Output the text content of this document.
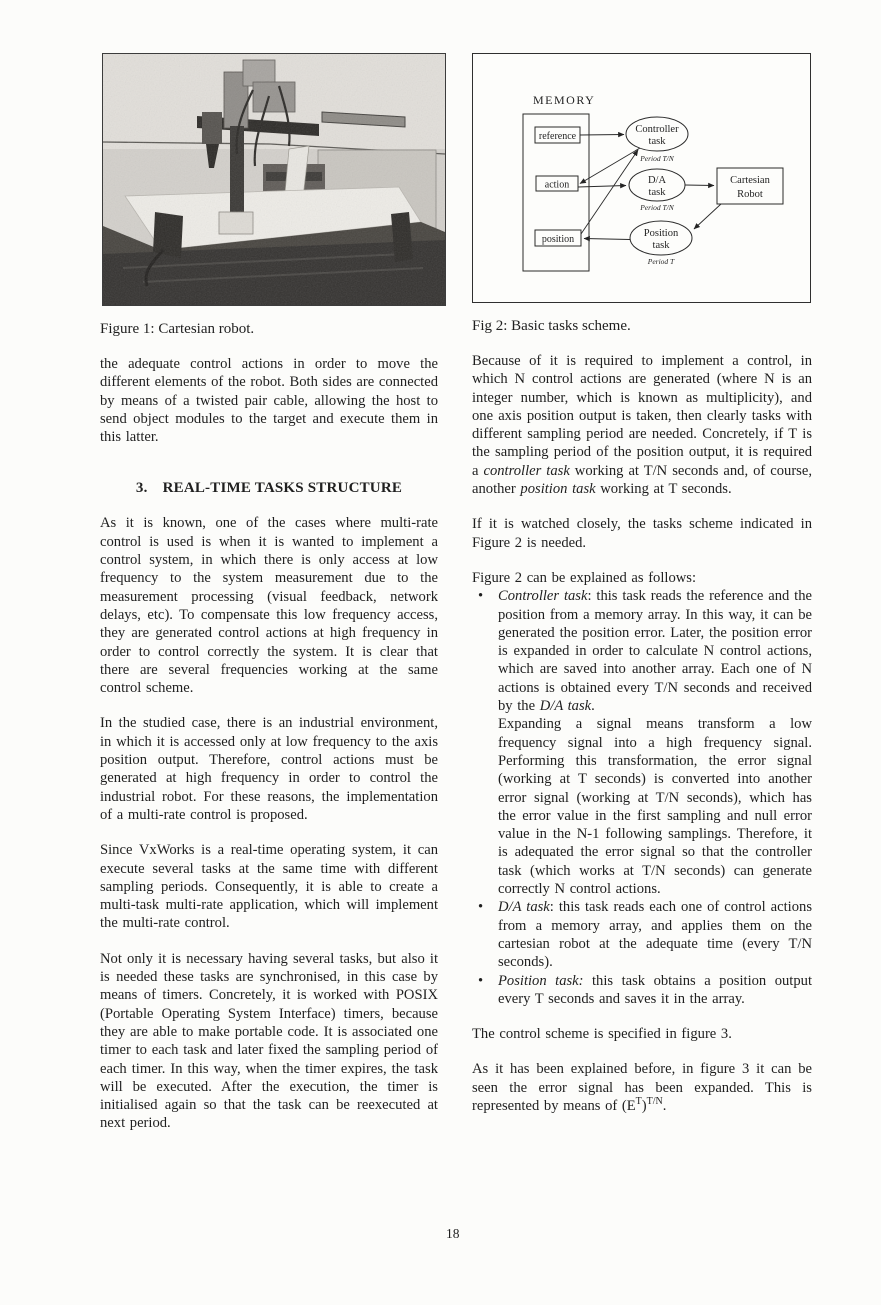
Figure 1: Cartesian robot.

the adequate control actions in order to move the different elements of the robot. Both sides are connected by means of a twisted pair cable, allowing the host to send object modules to the target and execute them in this latter.

3. REAL-TIME TASKS STRUCTURE

As it is known, one of the cases where multi-rate control is used is when it is wanted to implement a control system, in which there is only access at low frequency to the system measurement due to the measurement processing (visual feedback, network delays, etc). To compensate this low frequency access, they are generated control actions at high frequency in order to control correctly the system. It is clear that there are several frequencies working at the same control scheme.

In the studied case, there is an industrial environment, in which it is accessed only at low frequency to the axis position output. Therefore, control actions must be generated at high frequency in order to control the industrial robot. For these reasons, the implementation of a multi-rate control is proposed.

Since VxWorks is a real-time operating system, it can execute several tasks at the same time with different sampling periods. Consequently, it is able to create a multi-task multi-rate application, which will implement the multi-rate control.

Not only it is necessary having several tasks, but also it is needed these tasks are synchronised, in this case by means of timers. Concretely, it is worked with POSIX (Portable Operating System Interface) timers, because they are able to make portable code. It is associated one timer to each task and later fixed the sampling period of each timer. In this way, when the timer expires, the task will be executed. After the execution, the timer is initialised again so that the task can be reexecuted at next period.

MEMORY
reference
action
position
Controller
task
Period T/N
D/A
task
Period T/N
Position
task
Period T
Cartesian
Robot

Fig 2: Basic tasks scheme.

Because of it is required to implement a control, in which N control actions are generated (where N is an integer number, which is known as multiplicity), and one axis position output is taken, then clearly tasks with different sampling period are needed. Concretely, if T is the sampling period of the position output, it is required a controller task working at T/N seconds and, of course, another position task working at T seconds.

If it is watched closely, the tasks scheme indicated in Figure 2 is needed.

Figure 2 can be explained as follows:

•	Controller task: this task reads the reference and the position from a memory array. In this way, it can be generated the position error. Later, the position error is expanded in order to calculate N control actions, which are saved into another array. Each one of N actions is obtained every T/N seconds and received by the D/A task.
Expanding a signal means transform a low frequency signal into a high frequency signal. Performing this transformation, the error signal (working at T seconds) is converted into another error signal (working at T/N seconds), which has the error value in the first sampling and null error value in the N-1 following samplings. Therefore, it is adequated the error signal so that the controller task (which works at T/N seconds) can generate correctly N control actions.
•	D/A task: this task reads each one of control actions from a memory array, and applies them on the cartesian robot at the adequate time (every T/N seconds).
•	Position task: this task obtains a position output every T seconds and saves it in the array.

The control scheme is specified in figure 3.

As it has been explained before, in figure 3 it can be seen the error signal has been expanded. This is represented by means of $(E^T)^{T/N}$.

18
